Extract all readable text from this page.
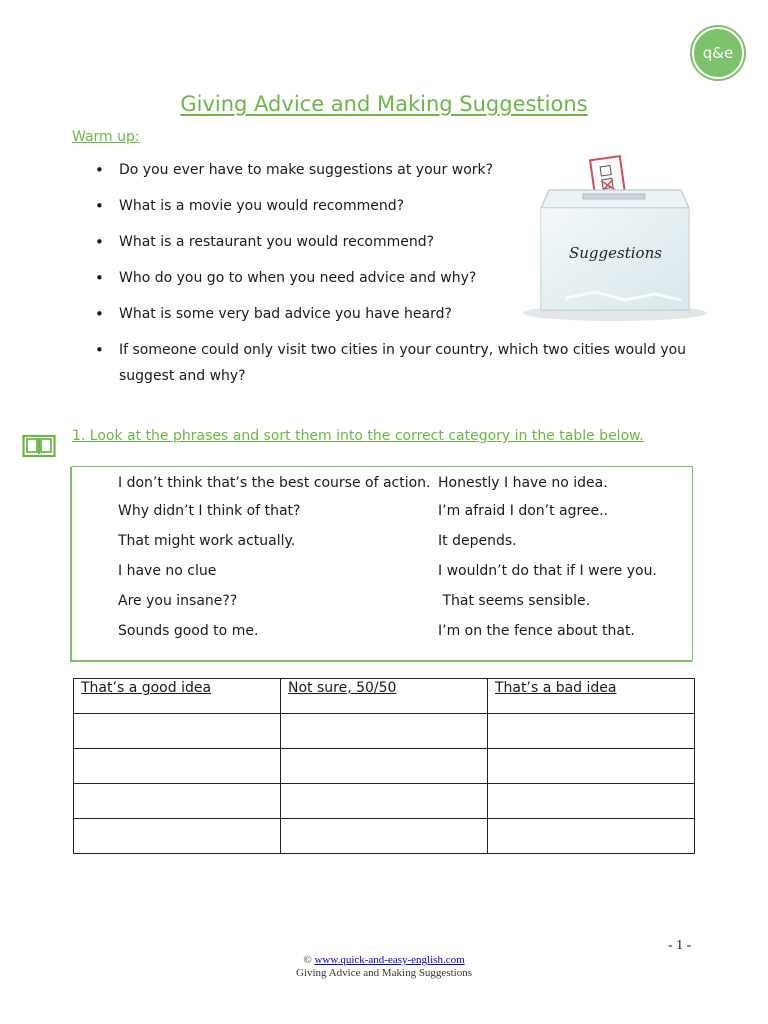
q&e
Giving Advice and Making Suggestions
Warm up:
• Do you ever have to make suggestions at your work?
• What is a movie you would recommend?
• What is a restaurant you would recommend?
• Who do you go to when you need advice and why?
• What is some very bad advice you have heard?
• If someone could only visit two cities in your country, which two cities would you suggest and why?
Suggestions
1. Look at the phrases and sort them into the correct category in the table below.
I don’t think that’s the best course of action.
Why didn’t I think of that?
That might work actually.
I have no clue
Are you insane??
Sounds good to me.
Honestly I have no idea.
I’m afraid I don’t agree..
It depends.
I wouldn’t do that if I were you.
That seems sensible.
I’m on the fence about that.
That’s a good idea	Not sure, 50/50	That’s a bad idea

- 1 -
© www.quick-and-easy-english.com
Giving Advice and Making Suggestions
